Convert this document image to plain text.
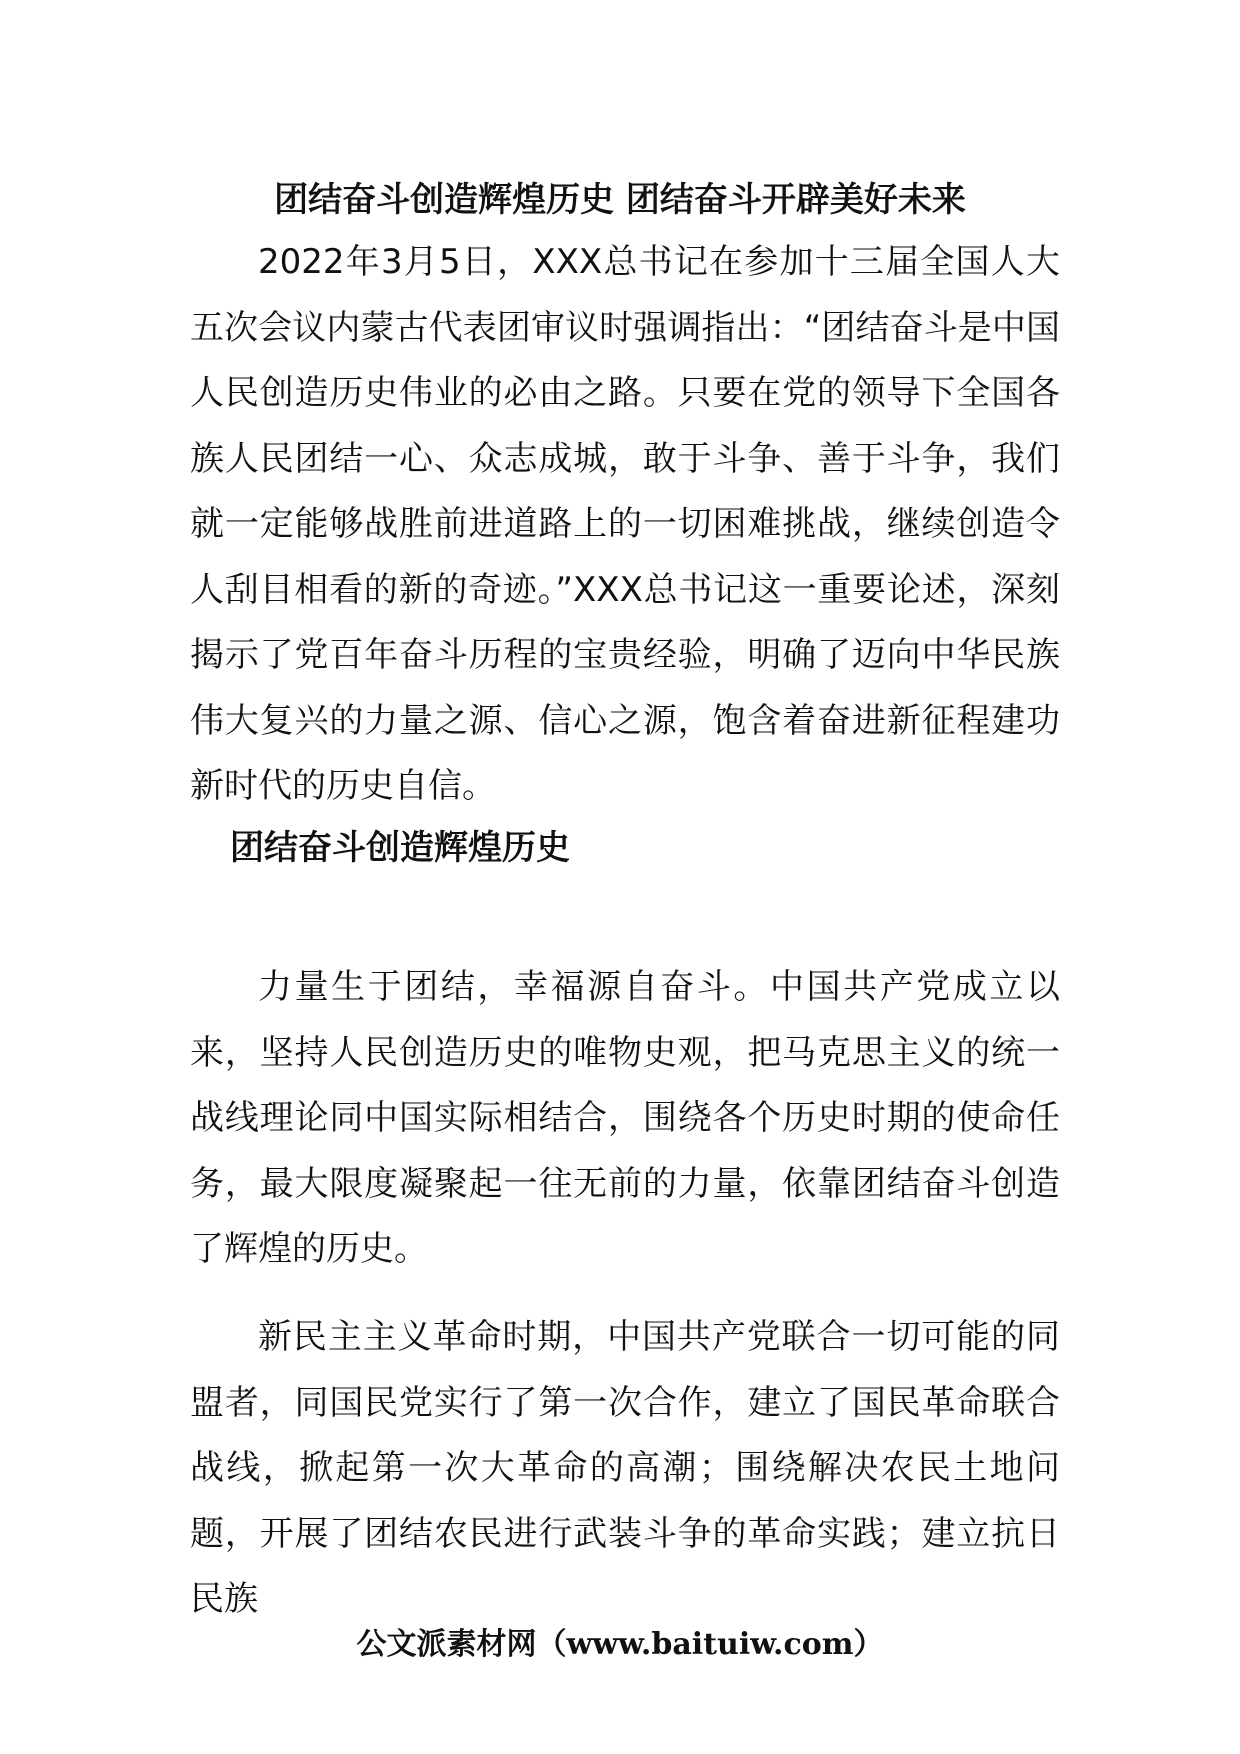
团结奋斗创造辉煌历史 团结奋斗开辟美好未来

2022年3月5日，XXX总书记在参加十三届全国人大五次会议内蒙古代表团审议时强调指出：“团结奋斗是中国人民创造历史伟业的必由之路。只要在党的领导下全国各族人民团结一心、众志成城，敢于斗争、善于斗争，我们就一定能够战胜前进道路上的一切困难挑战，继续创造令人刮目相看的新的奇迹。”XXX总书记这一重要论述，深刻揭示了党百年奋斗历程的宝贵经验，明确了迈向中华民族伟大复兴的力量之源、信心之源，饱含着奋进新征程建功新时代的历史自信。

团结奋斗创造辉煌历史

力量生于团结，幸福源自奋斗。中国共产党成立以来，坚持人民创造历史的唯物史观，把马克思主义的统一战线理论同中国实际相结合，围绕各个历史时期的使命任务，最大限度凝聚起一往无前的力量，依靠团结奋斗创造了辉煌的历史。

新民主主义革命时期，中国共产党联合一切可能的同盟者，同国民党实行了第一次合作，建立了国民革命联合战线，掀起第一次大革命的高潮；围绕解决农民土地问题，开展了团结农民进行武装斗争的革命实践；建立抗日民族

公文派素材网（www.baituiw.com）
